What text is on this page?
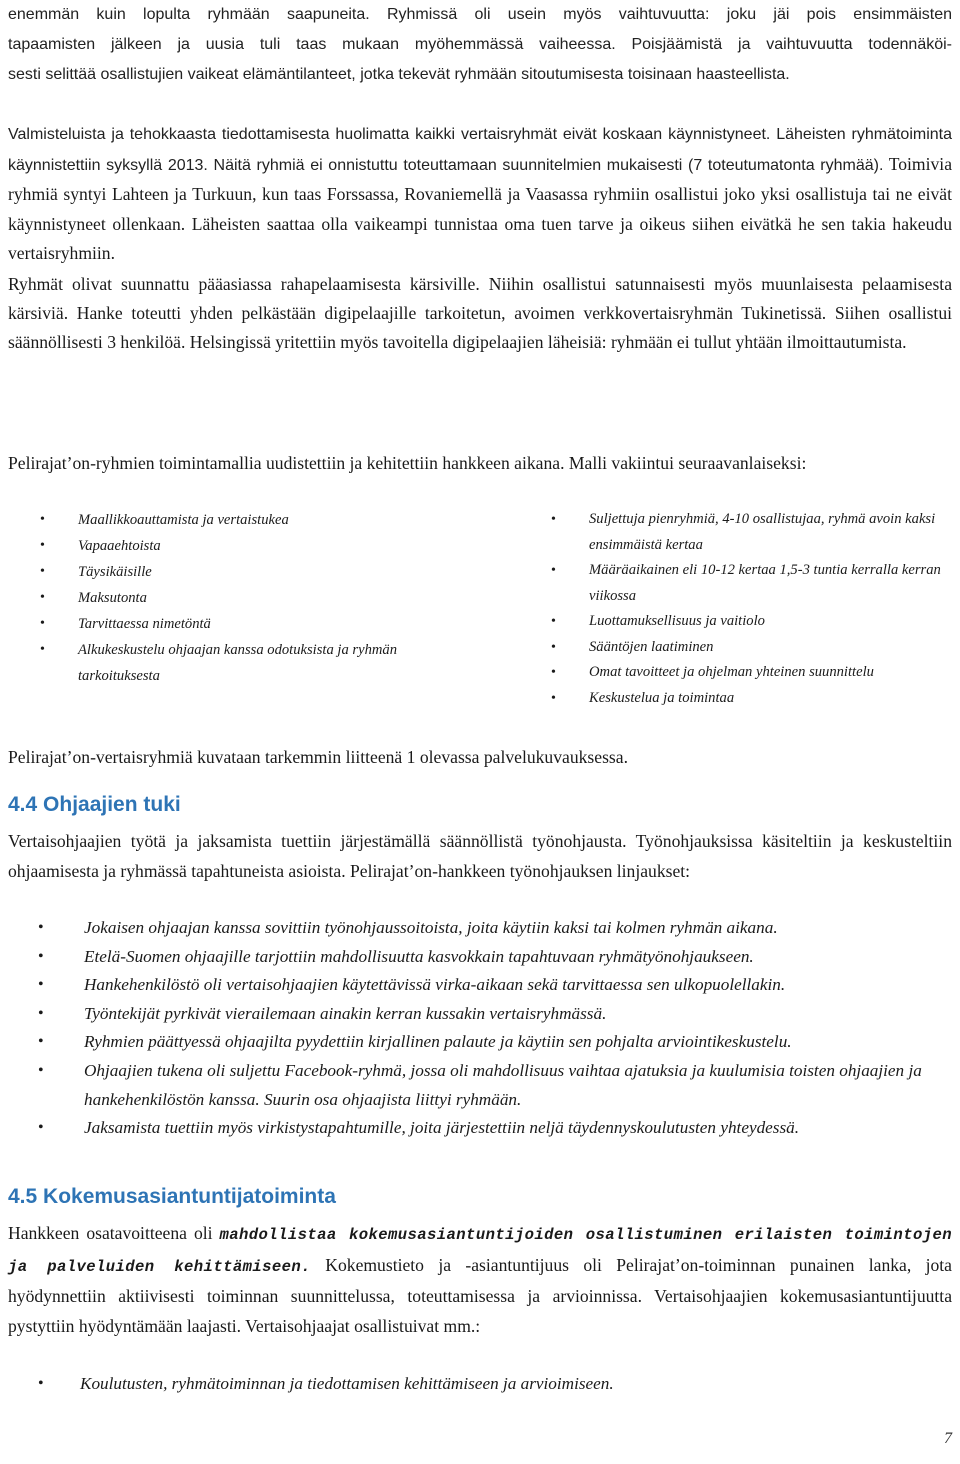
enemmän kuin lopulta ryhmään saapuneita. Ryhmissä oli usein myös vaihtuvuutta: joku jäi pois ensimmäisten
tapaamisten jälkeen ja uusia tuli taas mukaan myöhemmässä vaiheessa. Poisjäämistä ja vaihtuvuutta todennäköi-
sesti selittää osallistujien vaikeat elämäntilanteet, jotka tekevät ryhmään sitoutumisesta toisinaan haasteellista.

Valmisteluista ja tehokkaasta tiedottamisesta huolimatta kaikki vertaisryhmät eivät koskaan käynnistyneet. Läheisten ryhmätoiminta käynnistettiin syksyllä 2013. Näitä ryhmiä ei onnistuttu toteuttamaan suunnitelmien mukaisesti (7 toteutumatonta ryhmää). Toimivia ryhmiä syntyi Lahteen ja Turkuun, kun taas Forssassa, Rovaniemellä ja Vaasassa ryhmiin osallistui joko yksi osallistuja tai ne eivät käynnistyneet ollenkaan. Läheisten saattaa olla vaikeampi tunnistaa oma tuen tarve ja oikeus siihen eivätkä he sen takia hakeudu vertaisryhmiin.

Ryhmät olivat suunnattu pääasiassa rahapelaamisesta kärsiville. Niihin osallistui satunnaisesti myös muunlaisesta pelaamisesta kärsiviä. Hanke toteutti yhden pelkästään digipelaajille tarkoitetun, avoimen verkkovertaisryhmän Tukinetissä. Siihen osallistui säännöllisesti 3 henkilöä. Helsingissä yritettiin myös tavoitella digipelaajien läheisiä: ryhmään ei tullut yhtään ilmoittautumista.

Pelirajat’on-ryhmien toimintamallia uudistettiin ja kehitettiin hankkeen aikana. Malli vakiintui seuraavanlaiseksi:

• Maallikkoauttamista ja vertaistukea
• Vapaaehtoista
• Täysikäisille
• Maksutonta
• Tarvittaessa nimetöntä
• Alkukeskustelu ohjaajan kanssa odotuksista ja ryhmän tarkoituksesta
• Suljettuja pienryhmiä, 4-10 osallistujaa, ryhmä avoin kaksi ensimmäistä kertaa
• Määräaikainen eli 10-12 kertaa 1,5-3 tuntia kerralla kerran viikossa
• Luottamuksellisuus ja vaitiolo
• Sääntöjen laatiminen
• Omat tavoitteet ja ohjelman yhteinen suunnittelu
• Keskustelua ja toimintaa

Pelirajat’on-vertaisryhmiä kuvataan tarkemmin liitteenä 1 olevassa palvelukuvauksessa.

4.4 Ohjaajien tuki

Vertaisohjaajien työtä ja jaksamista tuettiin järjestämällä säännöllistä työnohjausta. Työnohjauksissa käsiteltiin ja keskusteltiin ohjaamisesta ja ryhmässä tapahtuneista asioista. Pelirajat’on-hankkeen työnohjauksen linjaukset:

• Jokaisen ohjaajan kanssa sovittiin työnohjaussoitoista, joita käytiin kaksi tai kolmen ryhmän aikana.
• Etelä-Suomen ohjaajille tarjottiin mahdollisuutta kasvokkain tapahtuvaan ryhmätyönohjaukseen.
• Hankehenkilöstö oli vertaisohjaajien käytettävissä virka-aikaan sekä tarvittaessa sen ulkopuolellakin.
• Työntekijät pyrkivät vierailemaan ainakin kerran kussakin vertaisryhmässä.
• Ryhmien päättyessä ohjaajilta pyydettiin kirjallinen palaute ja käytiin sen pohjalta arviointikeskustelu.
• Ohjaajien tukena oli suljettu Facebook-ryhmä, jossa oli mahdollisuus vaihtaa ajatuksia ja kuulumisia toisten ohjaajien ja hankehenkilöstön kanssa. Suurin osa ohjaajista liittyi ryhmään.
• Jaksamista tuettiin myös virkistystapahtumille, joita järjestettiin neljä täydennyskoulutusten yhteydessä.
4.5 Kokemusasiantuntijatoiminta

Hankkeen osatavoitteena oli mahdollistaa kokemusasiantuntijoiden osallistuminen erilaisten toimintojen ja palveluiden kehittämiseen. Kokemustieto ja -asiantuntijuus oli Pelirajat’on-toiminnan punainen lanka, jota hyödynnettiin aktiivisesti toiminnan suunnittelussa, toteuttamisessa ja arvioinnissa. Vertaisohjaajien kokemusasiantuntijuutta pystyttiin hyödyntämään laajasti. Vertaisohjaajat osallistuivat mm.:

• Koulutusten, ryhmätoiminnan ja tiedottamisen kehittämiseen ja arvioimiseen.
7
